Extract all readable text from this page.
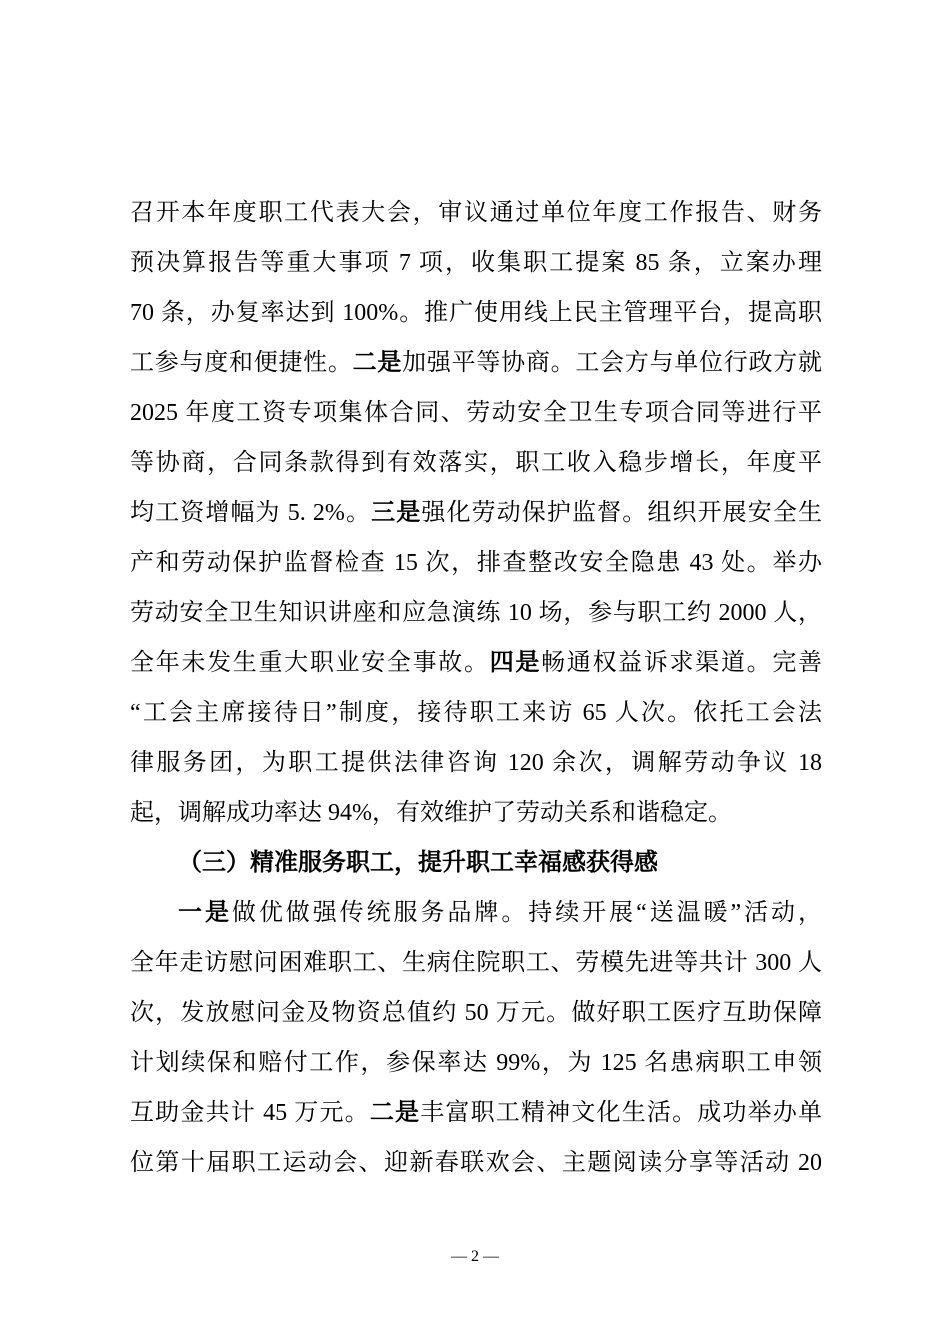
召开本年度职工代表大会，审议通过单位年度工作报告、财务
预决算报告等重大事项 7 项，收集职工提案 85 条，立案办理
70 条，办复率达到 100%。推广使用线上民主管理平台，提高职
工参与度和便捷性。二是加强平等协商。工会方与单位行政方就
2025 年度工资专项集体合同、劳动安全卫生专项合同等进行平
等协商，合同条款得到有效落实，职工收入稳步增长，年度平
均工资增幅为 5. 2%。三是强化劳动保护监督。组织开展安全生
产和劳动保护监督检查 15 次，排查整改安全隐患 43 处。举办
劳动安全卫生知识讲座和应急演练 10 场，参与职工约 2000 人，
全年未发生重大职业安全事故。四是畅通权益诉求渠道。完善
“工会主席接待日”制度，接待职工来访 65 人次。依托工会法
律服务团，为职工提供法律咨询 120 余次，调解劳动争议 18
起，调解成功率达 94%，有效维护了劳动关系和谐稳定。
（三）精准服务职工，提升职工幸福感获得感
一是做优做强传统服务品牌。持续开展“送温暖”活动，
全年走访慰问困难职工、生病住院职工、劳模先进等共计 300 人
次，发放慰问金及物资总值约 50 万元。做好职工医疗互助保障
计划续保和赔付工作，参保率达 99%，为 125 名患病职工申领
互助金共计 45 万元。二是丰富职工精神文化生活。成功举办单
位第十届职工运动会、迎新春联欢会、主题阅读分享等活动 20
— 2 —
